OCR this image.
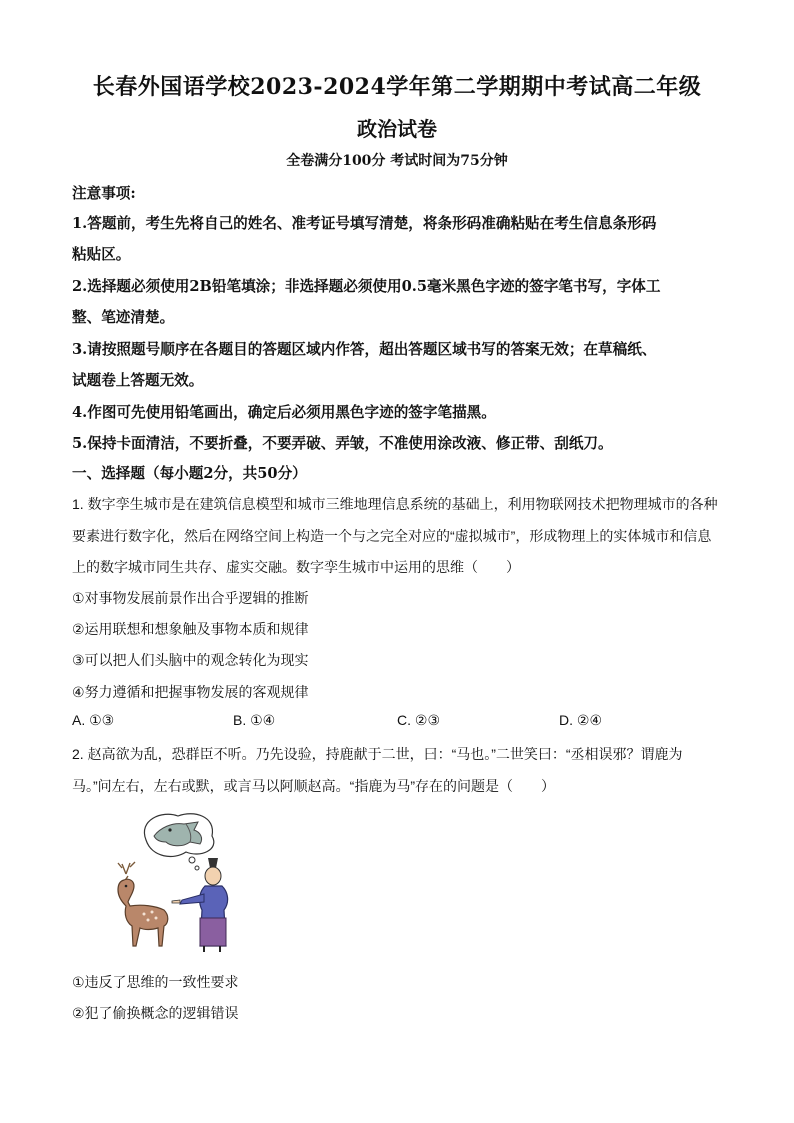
长春外国语学校2023-2024学年第二学期期中考试高二年级
政治试卷
全卷满分100分 考试时间为75分钟
注意事项:
1.答题前，考生先将自己的姓名、准考证号填写清楚，将条形码准确粘贴在考生信息条形码
粘贴区。
2.选择题必须使用2B铅笔填涂；非选择题必须使用0.5毫米黑色字迹的签字笔书写，字体工
整、笔迹清楚。
3.请按照题号顺序在各题目的答题区域内作答，超出答题区域书写的答案无效；在草稿纸、
试题卷上答题无效。
4.作图可先使用铅笔画出，确定后必须用黑色字迹的签字笔描黑。
5.保持卡面清洁，不要折叠，不要弄破、弄皱，不准使用涂改液、修正带、刮纸刀。
一、选择题（每小题2分，共50分）
1. 数字孪生城市是在建筑信息模型和城市三维地理信息系统的基础上，利用物联网技术把物理城市的各种
要素进行数字化，然后在网络空间上构造一个与之完全对应的“虚拟城市”，形成物理上的实体城市和信息
上的数字城市同生共存、虚实交融。数字孪生城市中运用的思维（　　）
①对事物发展前景作出合乎逻辑的推断
②运用联想和想象触及事物本质和规律
③可以把人们头脑中的观念转化为现实
④努力遵循和把握事物发展的客观规律
A. ①③	B. ①④	C. ②③	D. ②④
2. 赵高欲为乱，恐群臣不听。乃先设验，持鹿献于二世，曰：“马也。”二世笑曰：“丞相误邪？谓鹿为
马。”问左右，左右或默，或言马以阿顺赵高。“指鹿为马”存在的问题是（　　）
①违反了思维的一致性要求
②犯了偷换概念的逻辑错误
